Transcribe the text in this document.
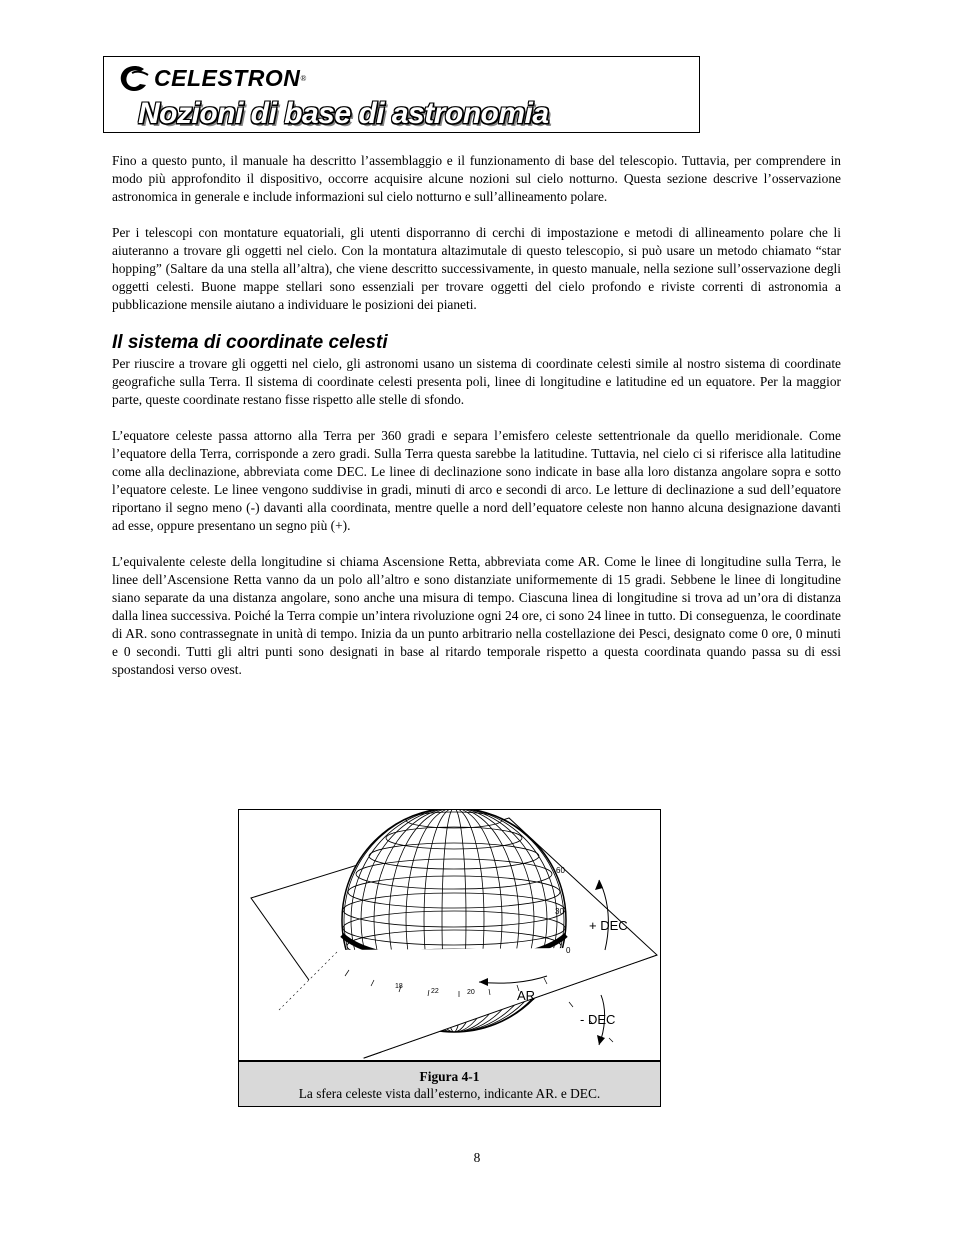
CELESTRON ®
Nozioni di base di astronomia

Fino a questo punto, il manuale ha descritto l’assemblaggio e il funzionamento di base del telescopio. Tuttavia, per comprendere in modo più approfondito il dispositivo, occorre acquisire alcune nozioni sul cielo notturno. Questa sezione descrive l’osservazione astronomica in generale e include informazioni sul cielo notturno e sull’allineamento polare.

Per i telescopi con montature equatoriali, gli utenti disporranno di cerchi di impostazione e metodi di allineamento polare che li aiuteranno a trovare gli oggetti nel cielo. Con la montatura altazimutale di questo telescopio, si può usare un metodo chiamato “star hopping” (Saltare da una stella all’altra), che viene descritto successivamente, in questo manuale, nella sezione sull’osservazione degli oggetti celesti. Buone mappe stellari sono essenziali per trovare oggetti del cielo profondo e riviste correnti di astronomia a pubblicazione mensile aiutano a individuare le posizioni dei pianeti.

Il sistema di coordinate celesti

Per riuscire a trovare gli oggetti nel cielo, gli astronomi usano un sistema di coordinate celesti simile al nostro sistema di coordinate geografiche sulla Terra. Il sistema di coordinate celesti presenta poli, linee di longitudine e latitudine ed un equatore. Per la maggior parte, queste coordinate restano fisse rispetto alle stelle di sfondo.

L’equatore celeste passa attorno alla Terra per 360 gradi e separa l’emisfero celeste settentrionale da quello meridionale. Come l’equatore della Terra, corrisponde a zero gradi. Sulla Terra questa sarebbe la latitudine. Tuttavia, nel cielo ci si riferisce alla latitudine come alla declinazione, abbreviata come DEC. Le linee di declinazione sono indicate in base alla loro distanza angolare sopra e sotto l’equatore celeste. Le linee vengono suddivise in gradi, minuti di arco e secondi di arco. Le letture di declinazione a sud dell’equatore riportano il segno meno (-) davanti alla coordinata, mentre quelle a nord dell’equatore celeste non hanno alcuna designazione davanti ad esse, oppure presentano un segno più (+).

L’equivalente celeste della longitudine si chiama Ascensione Retta, abbreviata come AR. Come le linee di longitudine sulla Terra, le linee dell’Ascensione Retta vanno da un polo all’altro e sono distanziate uniformemente di 15 gradi. Sebbene le linee di longitudine siano separate da una distanza angolare, sono anche una misura di tempo. Ciascuna linea di longitudine si trova ad un’ora di distanza dalla linea successiva. Poiché la Terra compie un’intera rivoluzione ogni 24 ore, ci sono 24 linee in tutto. Di conseguenza, le coordinate di AR. sono contrassegnate in unità di tempo. Inizia da un punto arbitrario nella costellazione dei Pesci, designato come 0 ore, 0 minuti e 0 secondi. Tutti gli altri punti sono designati in base al ritardo temporale rispetto a questa coordinata quando passa su di essi spostandosi verso ovest.

60
30
0
22
18
20
+ DEC
- DEC
AR
Figura 4-1
La sfera celeste vista dall’esterno, indicante AR. e DEC.
8
